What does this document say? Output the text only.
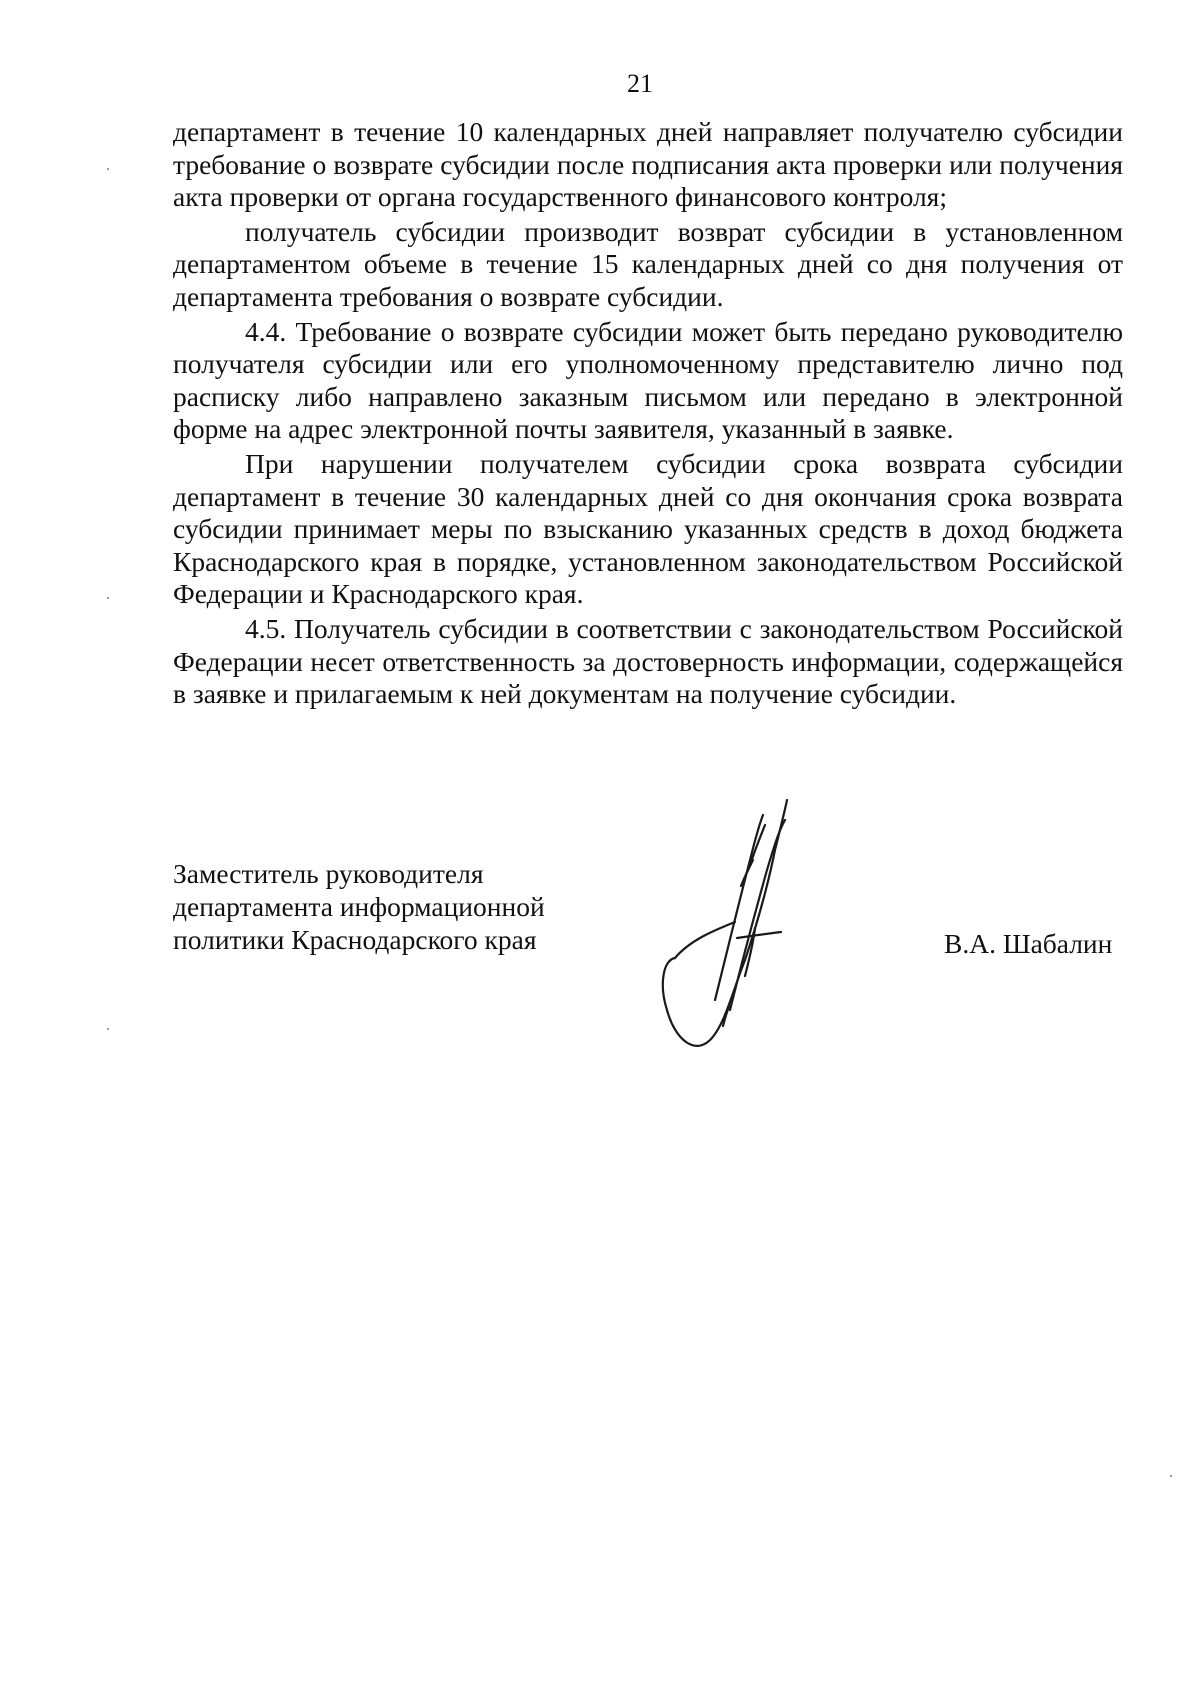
21

департамент в течение 10 календарных дней направляет получателю субсидии требование о возврате субсидии после подписания акта проверки или получения акта проверки от органа государственного финансового контроля;

получатель субсидии производит возврат субсидии в установленном департаментом объеме в течение 15 календарных дней со дня получения от департамента требования о возврате субсидии.

4.4. Требование о возврате субсидии может быть передано руководителю получателя субсидии или его уполномоченному представителю лично под расписку либо направлено заказным письмом или передано в электронной форме на адрес электронной почты заявителя, указанный в заявке.

При нарушении получателем субсидии срока возврата субсидии департамент в течение 30 календарных дней со дня окончания срока возврата субсидии принимает меры по взысканию указанных средств в доход бюджета Краснодарского края в порядке, установленном законодательством Российской Федерации и Краснодарского края.

4.5. Получатель субсидии в соответствии с законодательством Российской Федерации несет ответственность за достоверность информации, содержащейся в заявке и прилагаемым к ней документам на получение субсидии.

Заместитель руководителя
департамента информационной
политики Краснодарского края	В.А. Шабалин
